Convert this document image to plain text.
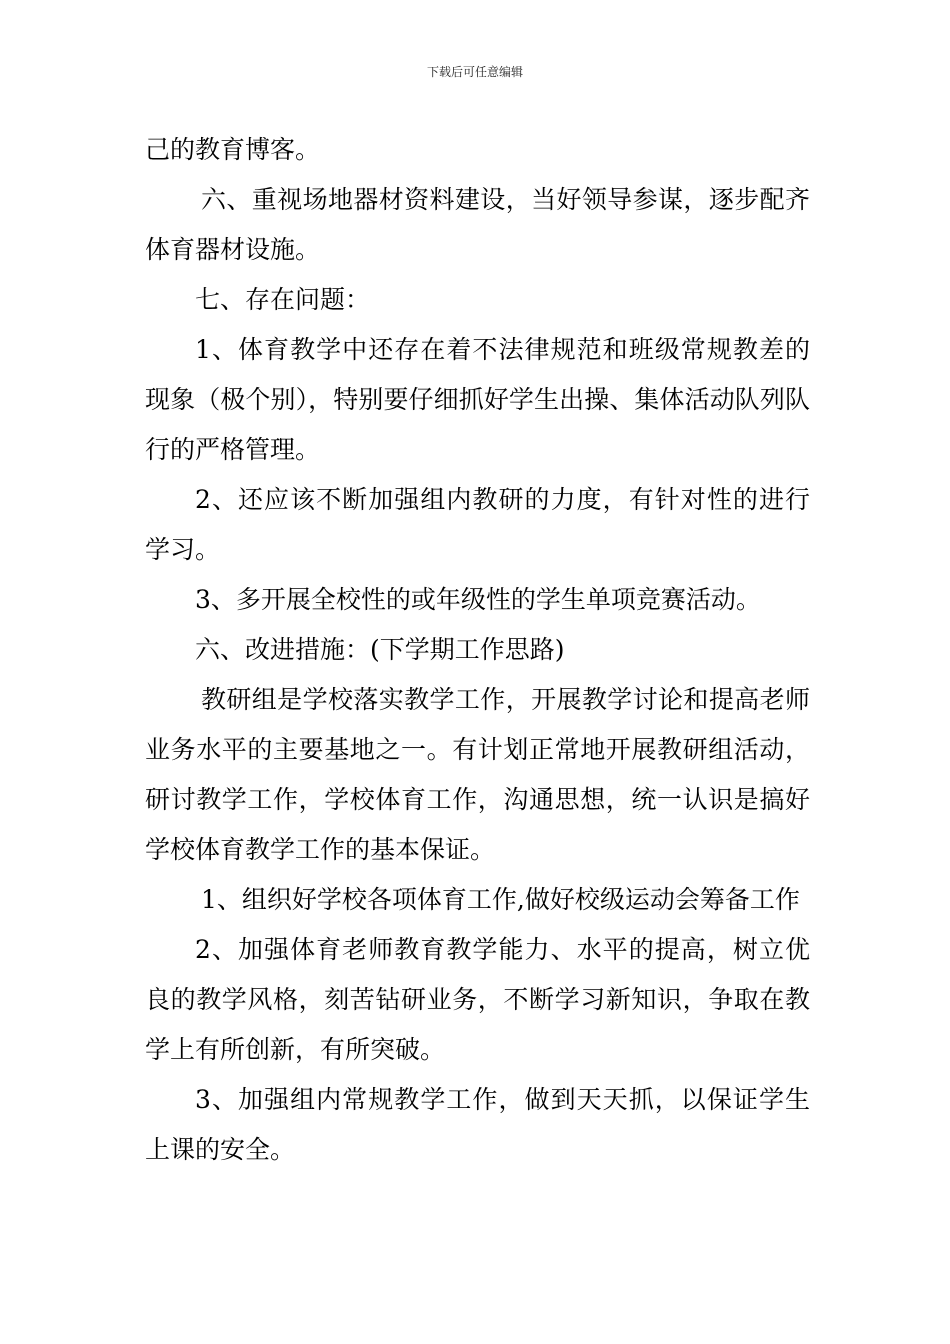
下载后可任意编辑

己的教育博客。

六、重视场地器材资料建设，当好领导参谋，逐步配齐体育器材设施。

七、存在问题：

1、体育教学中还存在着不法律规范和班级常规教差的现象（极个别），特别要仔细抓好学生出操、集体活动队列队行的严格管理。

2、还应该不断加强组内教研的力度，有针对性的进行学习。

3、多开展全校性的或年级性的学生单项竞赛活动。

六、改进措施：(下学期工作思路)

教研组是学校落实教学工作，开展教学讨论和提高老师业务水平的主要基地之一。有计划正常地开展教研组活动，研讨教学工作，学校体育工作，沟通思想，统一认识是搞好学校体育教学工作的基本保证。

1、组织好学校各项体育工作,做好校级运动会筹备工作

2、加强体育老师教育教学能力、水平的提高，树立优良的教学风格，刻苦钻研业务，不断学习新知识，争取在教学上有所创新，有所突破。

3、加强组内常规教学工作，做到天天抓，以保证学生上课的安全。
